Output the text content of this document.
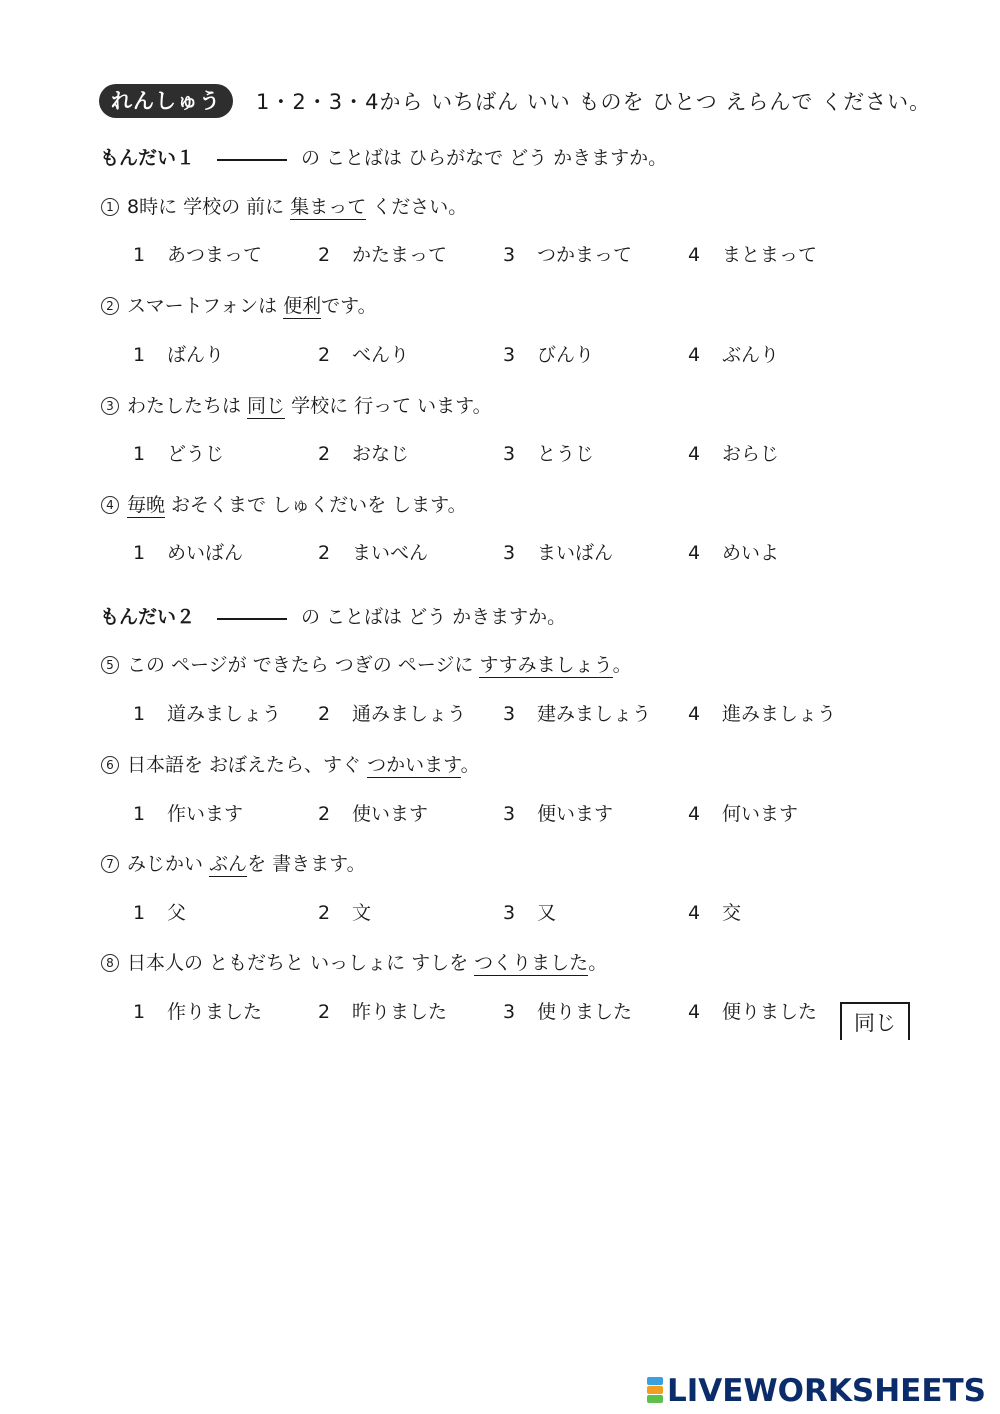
れんしゅう	1・2・3・4から いちばん いい ものを ひとつ えらんで ください。
もんだい１	の ことばは ひらがなで どう かきますか。
1 8時に 学校の 前に 集まって ください。
1 あつまって	2 かたまって	3 つかまって	4 まとまって
2 スマートフォンは 便利です。
1 ばんり	2 べんり	3 びんり	4 ぶんり
3 わたしたちは 同じ 学校に 行って います。
1 どうじ	2 おなじ	3 とうじ	4 おらじ
4 毎晩 おそくまで しゅくだいを します。
1 めいばん	2 まいべん	3 まいばん	4 めいよ
もんだい２	の ことばは どう かきますか。
5 この ページが できたら つぎの ページに すすみましょう。
1 道みましょう 2 通みましょう 3 建みましょう 4 進みましょう
6 日本語を おぼえたら、すぐ つかいます。
1 作います	2 使います	3 便います	4 何います
7 みじかい ぶんを 書きます。
1 父	2 文	3 又	4 交
8 日本人の ともだちと いっしょに すしを つくりました。
1 作りました	2 昨りました	3 使りました	4 便りました	同じ
LIVEWORKSHEETS
